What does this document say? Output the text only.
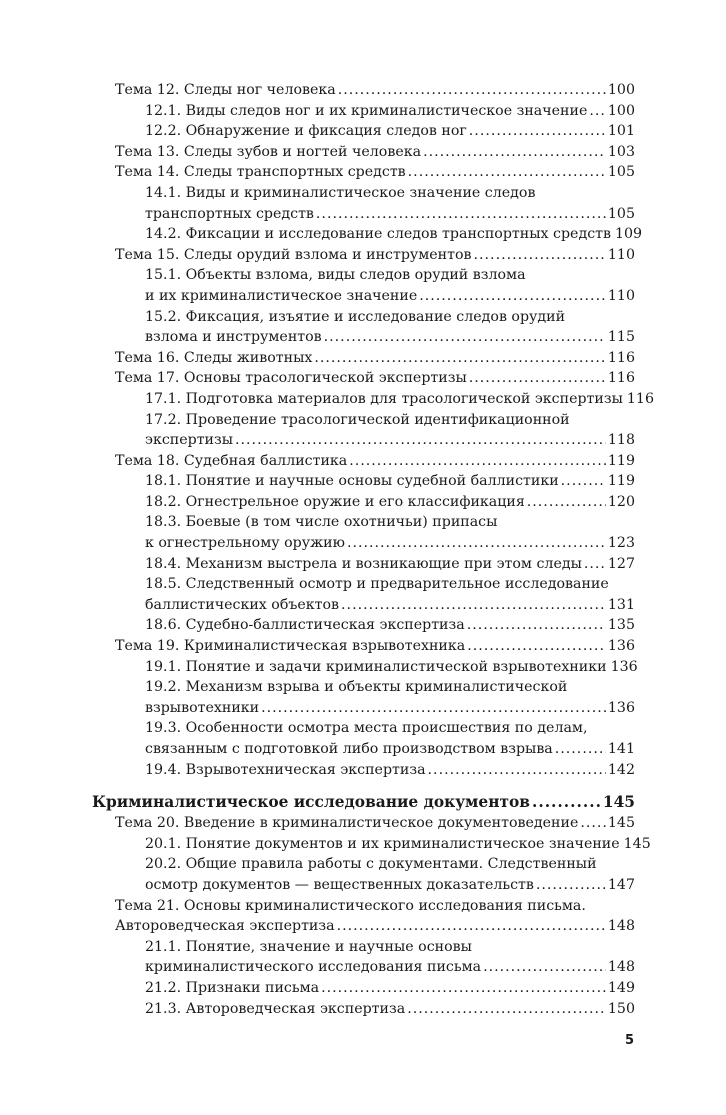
Тема 12. Следы ног человека .....	100
12.1. Виды следов ног и их криминалистическое значение ..... 100
12.2. Обнаружение и фиксация следов ног .....	101
Тема 13. Следы зубов и ногтей человека .....	103
Тема 14. Следы транспортных средств .....	105
14.1. Виды и криминалистическое значение следов
транспортных средств .....	105
14.2. Фиксации и исследование следов транспортных средств 109
Тема 15. Следы орудий взлома и инструментов .....	110
15.1. Объекты взлома, виды следов орудий взлома
и их криминалистическое значение .....	110
15.2. Фиксация, изъятие и исследование следов орудий
взлома и инструментов .....	115
Тема 16. Следы животных .....	116
Тема 17. Основы трасологической экспертизы .....	116
17.1. Подготовка материалов для трасологической экспертизы 116
17.2. Проведение трасологической идентификационной
экспертизы .....	118
Тема 18. Судебная баллистика .....	119
18.1. Понятие и научные основы судебной баллистики .....	119
18.2. Огнестрельное оружие и его классификация .....	120
18.3. Боевые (в том числе охотничьи) припасы
к огнестрельному оружию .....	123
18.4. Механизм выстрела и возникающие при этом следы ..... 127
18.5. Следственный осмотр и предварительное исследование
баллистических объектов .....	131
18.6. Судебно-баллистическая экспертиза .....	135
Тема 19. Криминалистическая взрывотехника .....	136
19.1. Понятие и задачи криминалистической взрывотехники 136
19.2. Механизм взрыва и объекты криминалистической
взрывотехники .....	136
19.3. Особенности осмотра места происшествия по делам,
связанным с подготовкой либо производством взрыва .....	141
19.4. Взрывотехническая экспертиза .....	142
Криминалистическое исследование документов .....	145
Тема 20. Введение в криминалистическое документоведение ..... 145
20.1. Понятие документов и их криминалистическое значение 145
20.2. Общие правила работы с документами. Следственный
осмотр документов — вещественных доказательств .....	147
Тема 21. Основы криминалистического исследования письма.
Автороведческая экспертиза .....	148
21.1. Понятие, значение и научные основы
криминалистического исследования письма .....	148
21.2. Признаки письма .....	149
21.3. Автороведческая экспертиза .....	150
5
